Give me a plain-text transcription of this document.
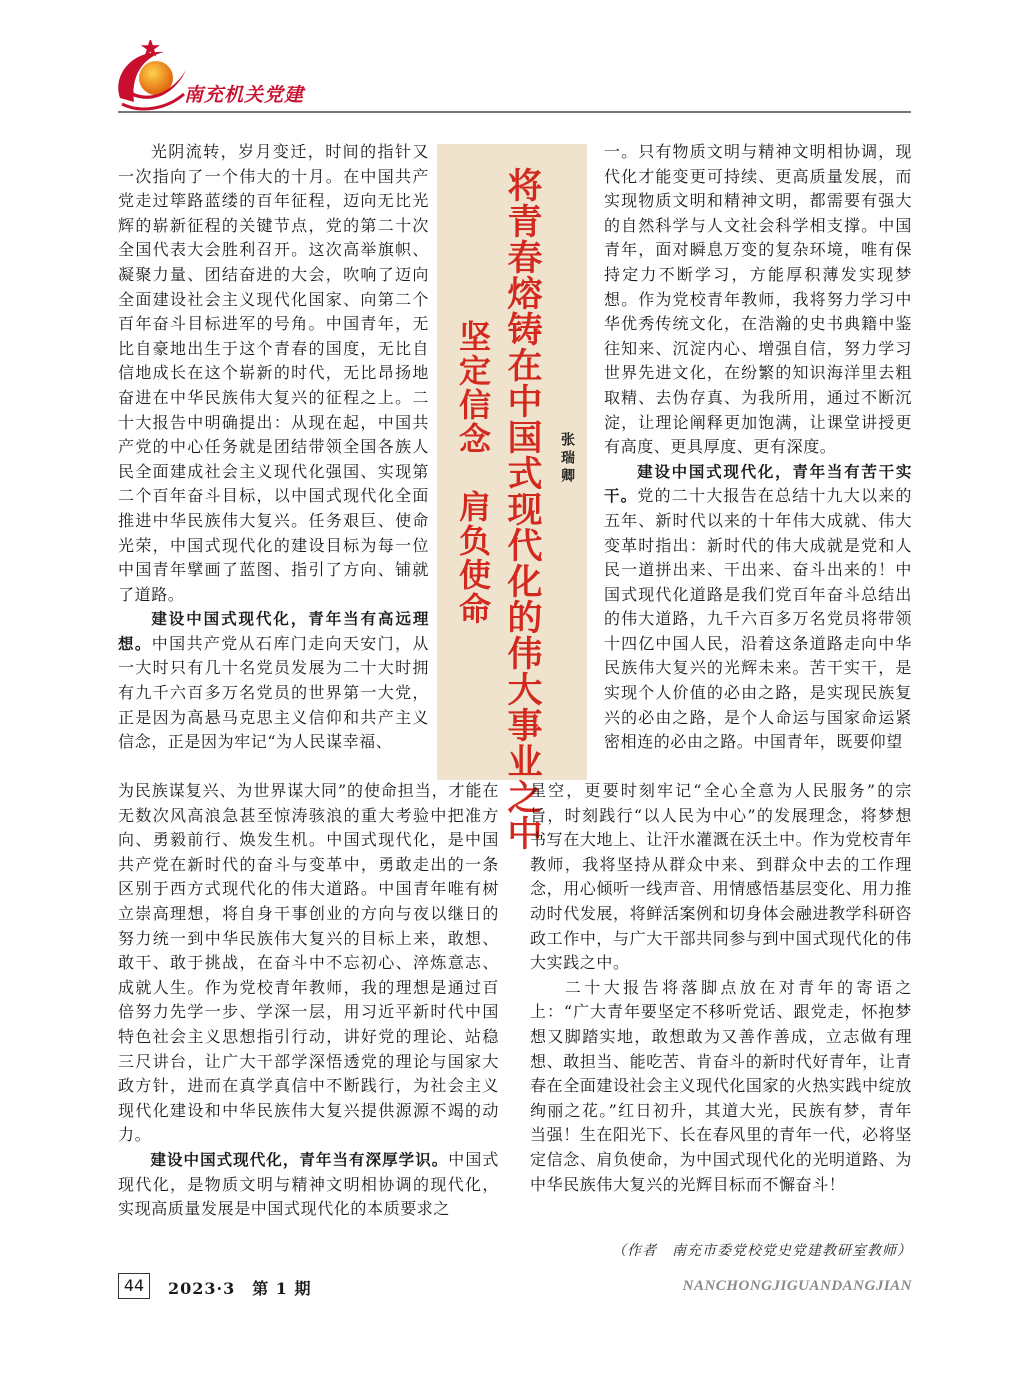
南充机关党建

光阴流转，岁月变迁，时间的指针又一次指向了一个伟大的十月。在中国共产党走过筚路蓝缕的百年征程，迈向无比光辉的崭新征程的关键节点，党的第二十次全国代表大会胜利召开。这次高举旗帜、凝聚力量、团结奋进的大会，吹响了迈向全面建设社会主义现代化国家、向第二个百年奋斗目标进军的号角。中国青年，无比自豪地出生于这个青春的国度，无比自信地成长在这个崭新的时代，无比昂扬地奋进在中华民族伟大复兴的征程之上。二十大报告中明确提出：从现在起，中国共产党的中心任务就是团结带领全国各族人民全面建成社会主义现代化强国、实现第二个百年奋斗目标，以中国式现代化全面推进中华民族伟大复兴。任务艰巨、使命光荣，中国式现代化的建设目标为每一位中国青年擘画了蓝图、指引了方向、铺就了道路。
建设中国式现代化，青年当有高远理想。中国共产党从石库门走向天安门，从一大时只有几十名党员发展为二十大时拥有九千六百多万名党员的世界第一大党，正是因为高悬马克思主义信仰和共产主义信念，正是因为牢记“为人民谋幸福、	将青春熔铸在中国式现代化的伟大事业之中
坚定信念　肩负使命	张瑞卿

一。只有物质文明与精神文明相协调，现代化才能变更可持续、更高质量发展，而实现物质文明和精神文明，都需要有强大的自然科学与人文社会科学相支撑。中国青年，面对瞬息万变的复杂环境，唯有保持定力不断学习，方能厚积薄发实现梦想。作为党校青年教师，我将努力学习中华优秀传统文化，在浩瀚的史书典籍中鉴往知来、沉淀内心、增强自信，努力学习世界先进文化，在纷繁的知识海洋里去粗取精、去伪存真、为我所用，通过不断沉淀，让理论阐释更加饱满，让课堂讲授更有高度、更具厚度、更有深度。
建设中国式现代化，青年当有苦干实干。党的二十大报告在总结十九大以来的五年、新时代以来的十年伟大成就、伟大变革时指出：新时代的伟大成就是党和人民一道拼出来、干出来、奋斗出来的！中国式现代化道路是我们党百年奋斗总结出的伟大道路，九千六百多万名党员将带领十四亿中国人民，沿着这条道路走向中华民族伟大复兴的光辉未来。苦干实干，是实现个人价值的必由之路，是实现民族复兴的必由之路，是个人命运与国家命运紧密相连的必由之路。中国青年，既要仰望

为民族谋复兴、为世界谋大同”的使命担当，才能在无数次风高浪急甚至惊涛骇浪的重大考验中把准方向、勇毅前行、焕发生机。中国式现代化，是中国共产党在新时代的奋斗与变革中，勇敢走出的一条区别于西方式现代化的伟大道路。中国青年唯有树立崇高理想，将自身干事创业的方向与夜以继日的努力统一到中华民族伟大复兴的目标上来，敢想、敢干、敢于挑战，在奋斗中不忘初心、淬炼意志、成就人生。作为党校青年教师，我的理想是通过百倍努力先学一步、学深一层，用习近平新时代中国特色社会主义思想指引行动，讲好党的理论、站稳三尺讲台，让广大干部学深悟透党的理论与国家大政方针，进而在真学真信中不断践行，为社会主义现代化建设和中华民族伟大复兴提供源源不竭的动力。
建设中国式现代化，青年当有深厚学识。中国式现代化，是物质文明与精神文明相协调的现代化，实现高质量发展是中国式现代化的本质要求之

星空，更要时刻牢记“全心全意为人民服务”的宗旨，时刻践行“以人民为中心”的发展理念，将梦想书写在大地上、让汗水灌溉在沃土中。作为党校青年教师，我将坚持从群众中来、到群众中去的工作理念，用心倾听一线声音、用情感悟基层变化、用力推动时代发展，将鲜活案例和切身体会融进教学科研咨政工作中，与广大干部共同参与到中国式现代化的伟大实践之中。
二十大报告将落脚点放在对青年的寄语之上：“广大青年要坚定不移听党话、跟党走，怀抱梦想又脚踏实地，敢想敢为又善作善成，立志做有理想、敢担当、能吃苦、肯奋斗的新时代好青年，让青春在全面建设社会主义现代化国家的火热实践中绽放绚丽之花。”红日初升，其道大光，民族有梦，青年当强！生在阳光下、长在春风里的青年一代，必将坚定信念、肩负使命，为中国式现代化的光明道路、为中华民族伟大复兴的光辉目标而不懈奋斗！

（作者　南充市委党校党史党建教研室教师）
44	2023·3　第 1 期	NANCHONGJIGUANDANGJIAN
